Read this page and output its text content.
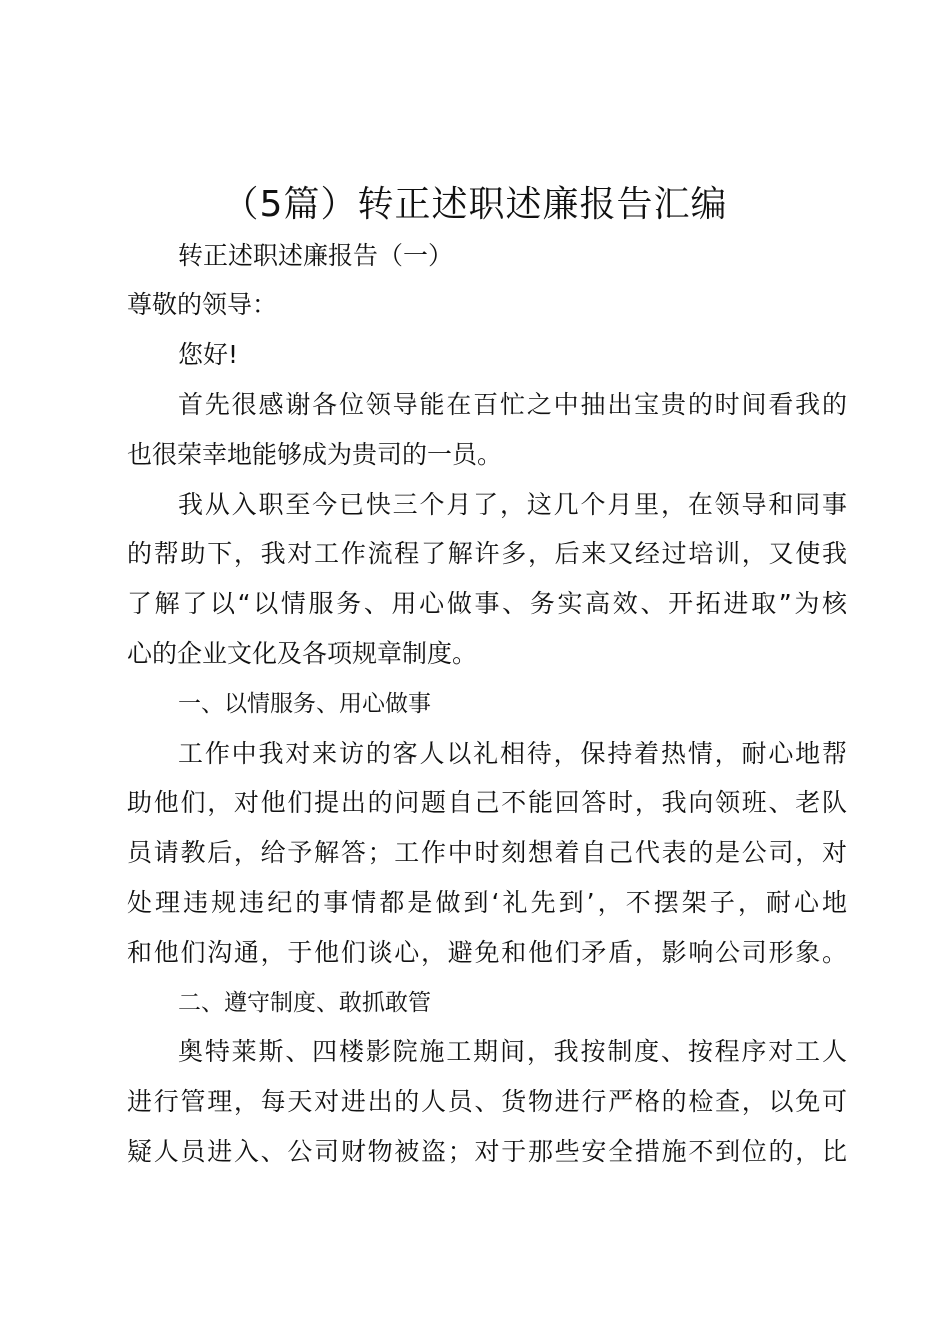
（5篇）转正述职述廉报告汇编
转正述职述廉报告（一）
尊敬的领导：
您好!
首先很感谢各位领导能在百忙之中抽出宝贵的时间看我的
也很荣幸地能够成为贵司的一员。
我从入职至今已快三个月了，这几个月里，在领导和同事
的帮助下，我对工作流程了解许多，后来又经过培训，又使我
了解了以“以情服务、用心做事、务实高效、开拓进取”为核
心的企业文化及各项规章制度。
一、以情服务、用心做事
工作中我对来访的客人以礼相待，保持着热情，耐心地帮
助他们，对他们提出的问题自己不能回答时，我向领班、老队
员请教后，给予解答；工作中时刻想着自己代表的是公司，对
处理违规违纪的事情都是做到‘礼先到’，不摆架子，耐心地
和他们沟通，于他们谈心，避免和他们矛盾，影响公司形象。
二、遵守制度、敢抓敢管
奥特莱斯、四楼影院施工期间，我按制度、按程序对工人
进行管理，每天对进出的人员、货物进行严格的检查，以免可
疑人员进入、公司财物被盗；对于那些安全措施不到位的，比
